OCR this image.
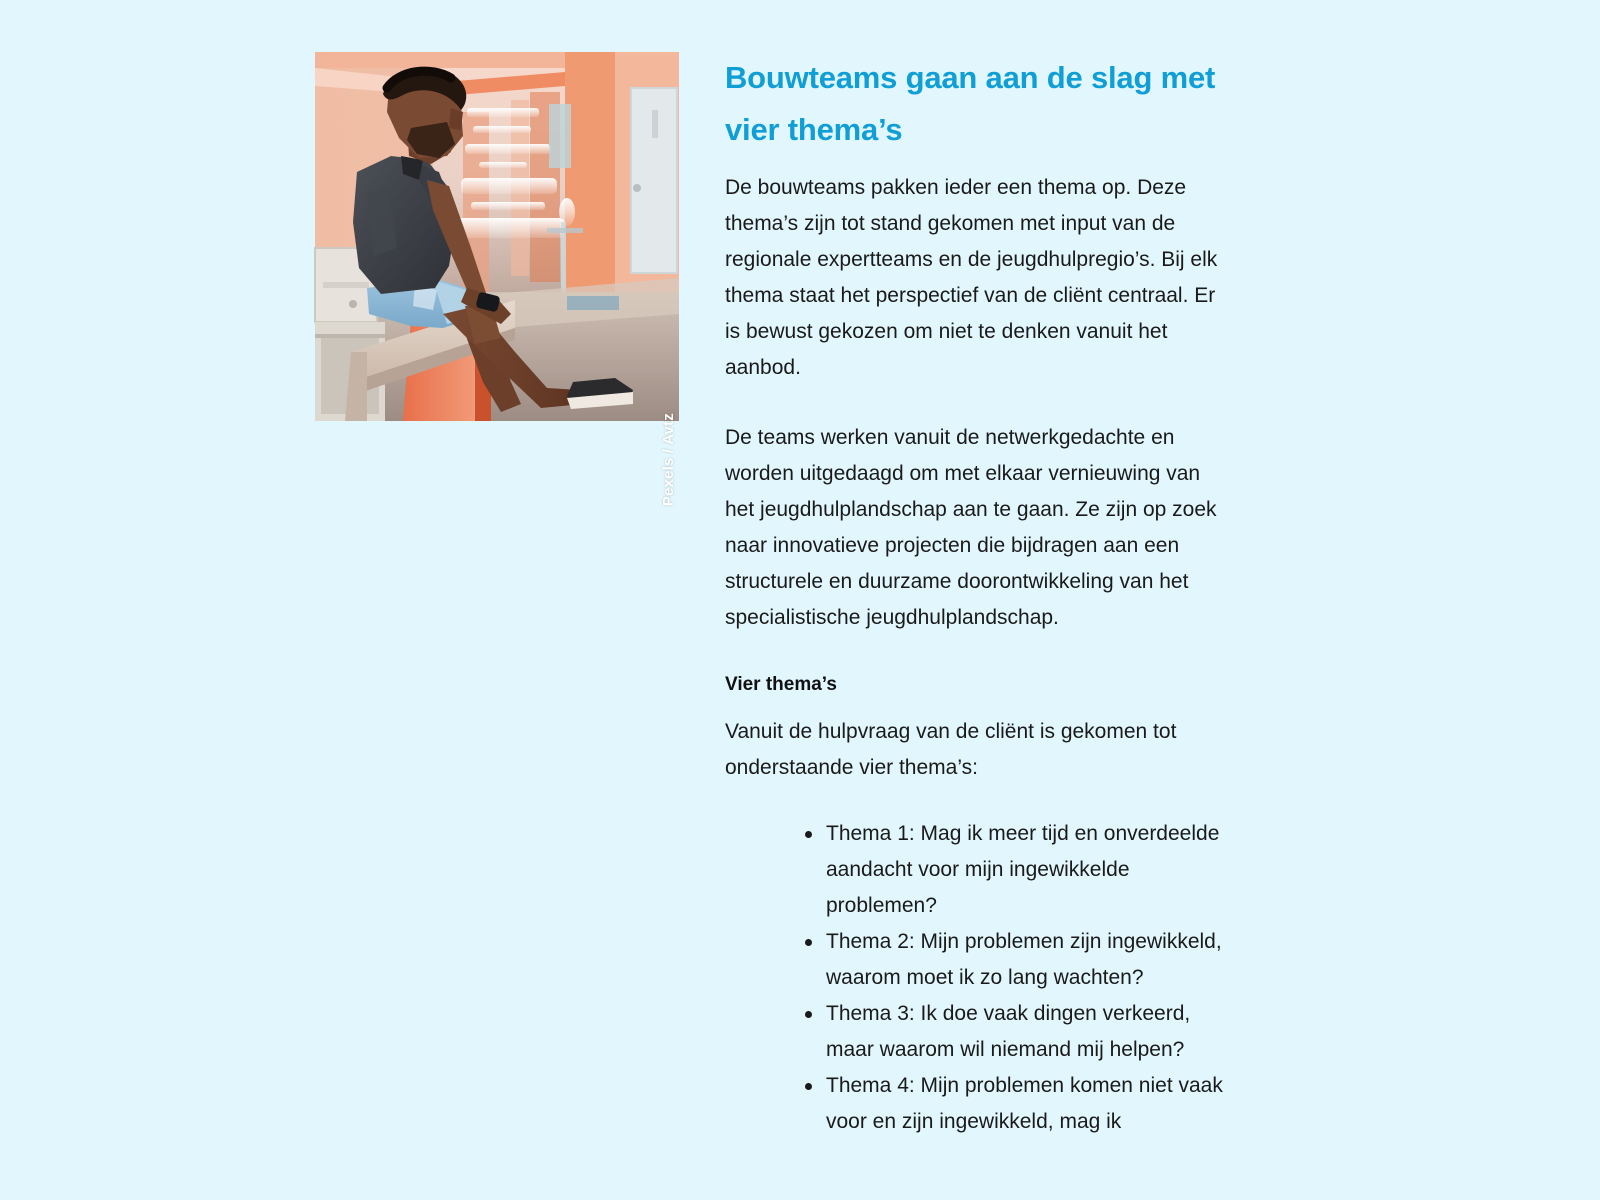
Pexels / Avtz
Bouwteams gaan aan de slag met vier thema’s

De bouwteams pakken ieder een thema op. Deze thema’s zijn tot stand gekomen met input van de regionale expertteams en de jeugdhulpregio’s. Bij elk thema staat het perspectief van de cliënt centraal. Er is bewust gekozen om niet te denken vanuit het aanbod.

De teams werken vanuit de netwerkgedachte en worden uitgedaagd om met elkaar vernieuwing van het jeugdhulplandschap aan te gaan. Ze zijn op zoek naar innovatieve projecten die bijdragen aan een structurele en duurzame doorontwikkeling van het specialistische jeugdhulplandschap.

Vier thema’s

Vanuit de hulpvraag van de cliënt is gekomen tot onderstaande vier thema’s:

Thema 1: Mag ik meer tijd en onverdeelde aandacht voor mijn ingewikkelde problemen?
Thema 2: Mijn problemen zijn ingewikkeld, waarom moet ik zo lang wachten?
Thema 3: Ik doe vaak dingen verkeerd, maar waarom wil niemand mij helpen?
Thema 4: Mijn problemen komen niet vaak voor en zijn ingewikkeld, mag ik
